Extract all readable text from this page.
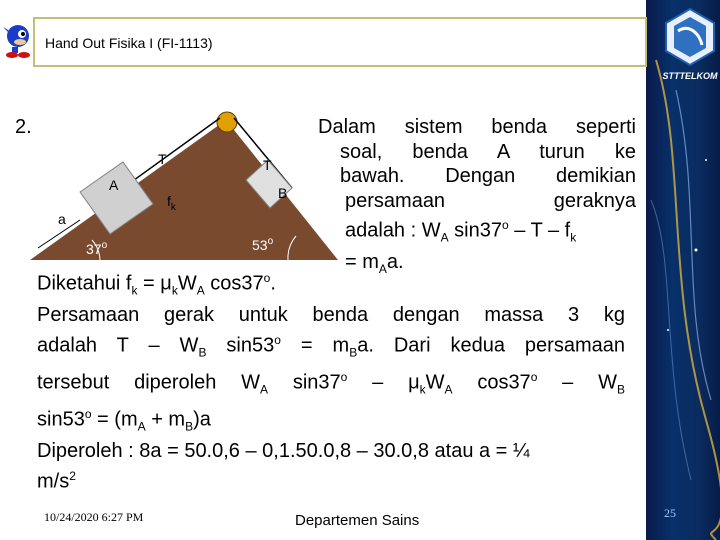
STTTELKOM
Hand Out Fisika I (FI-1113)
2.
T	T
A	B
a
$f_k$
37$^o$	53$^o$
Dalam sistem benda seperti
soal, benda A turun ke
bawah. Dengan demikian
persamaan geraknya
adalah : $W_A$ sin37$^o$ – T – $f_k$
= $m_Aa$.
Diketahui $f_k = \mu_kW_A$ cos37$^o$.
Persamaan gerak untuk benda dengan massa 3 kg
adalah T – $W_B$ $\sin 53^o = m_Ba$. Dari kedua persamaan
tersebut diperoleh $W_A$ $\sin 37^o - \mu_kW_A$ $\cos 37^o - W_B$
$\sin 53^o = (m_A + m_B)a$
Diperoleh : 8a = 50.0,6 – 0,1.50.0,8 – 30.0,8 atau a = ¼
$m/s^2$
10/24/2020 6:27 PM	Departemen Sains	25
